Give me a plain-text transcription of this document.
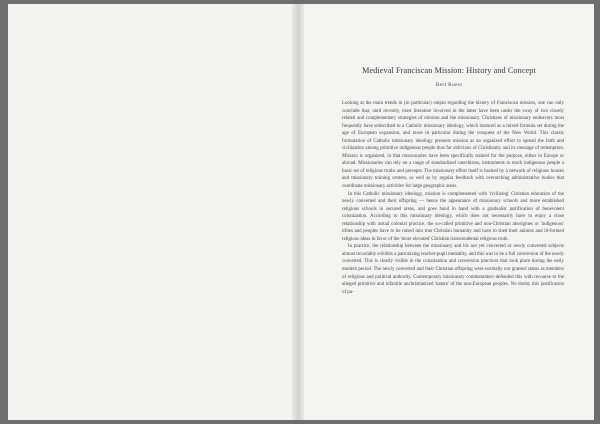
Medieval Franciscan Mission: History and Concept
Bert Roest

Looking at the main trends in (in particular) output regarding the history of Franciscan mission, one can only conclude that, until recently, most literature involved in the latter have been under the sway of two closely related and complementary strategies of mission and the missionary. Christians of missionary endeavors most frequently have subscribed to a Catholic missionary ideology, which matured as a mixed formula set during the age of European expansion, and more in particular during the conquest of the New World. This classic formulation of Catholic missionary ideology presents mission as an organized effort to spread the faith and civilization among primitive indigenous people thus far oblivious of Christianity and its message of redemption. Mission is organized, in that missionaries have been specifically trained for the purpose, either in Europe or abroad. Missionaries can rely on a range of standardized catechisms, instruments to teach indigenous people a basic set of religious truths and precepts. The missionary effort itself is backed by a network of religious houses and missionary training centers, as well as by regular feedback with overarching administrative bodies that coordinate missionary activities for large geographic areas.

In this Catholic missionary ideology, mission is complemented with 'civilizing' Christian education of the newly converted and their offspring — hence the appearance of missionary schools and more established religious schools in secured areas, and goes hand in hand with a gradualist justification of benevolent colonization. According to this missionary ideology, which does not necessarily have to enjoy a close relationship with actual colonial practice, the so-called primitive and non-Christian aborigines or 'indigenous' tribes and peoples have to be raised into true Christian humanity and have to shed their animist and ill-formed religious ideas in favor of the 'more elevated' Christian transcendental religious truth.

In practice, the relationship between the missionary and his not yet converted or newly converted subjects almost invariably exhibits a patronizing teacher-pupil mentality, and this was to be a full conversion of the newly converted. This is clearly visible in the colonization and conversion practices that took place during the early modern period. The newly converted and their Christian offspring were normally not granted status as members of religious and political authority. Contemporary missionary commentators defended this with recourse to the alleged primitive and infantile unchristianized 'nature' of the non-European peoples. No doubt, this justification of pa-
